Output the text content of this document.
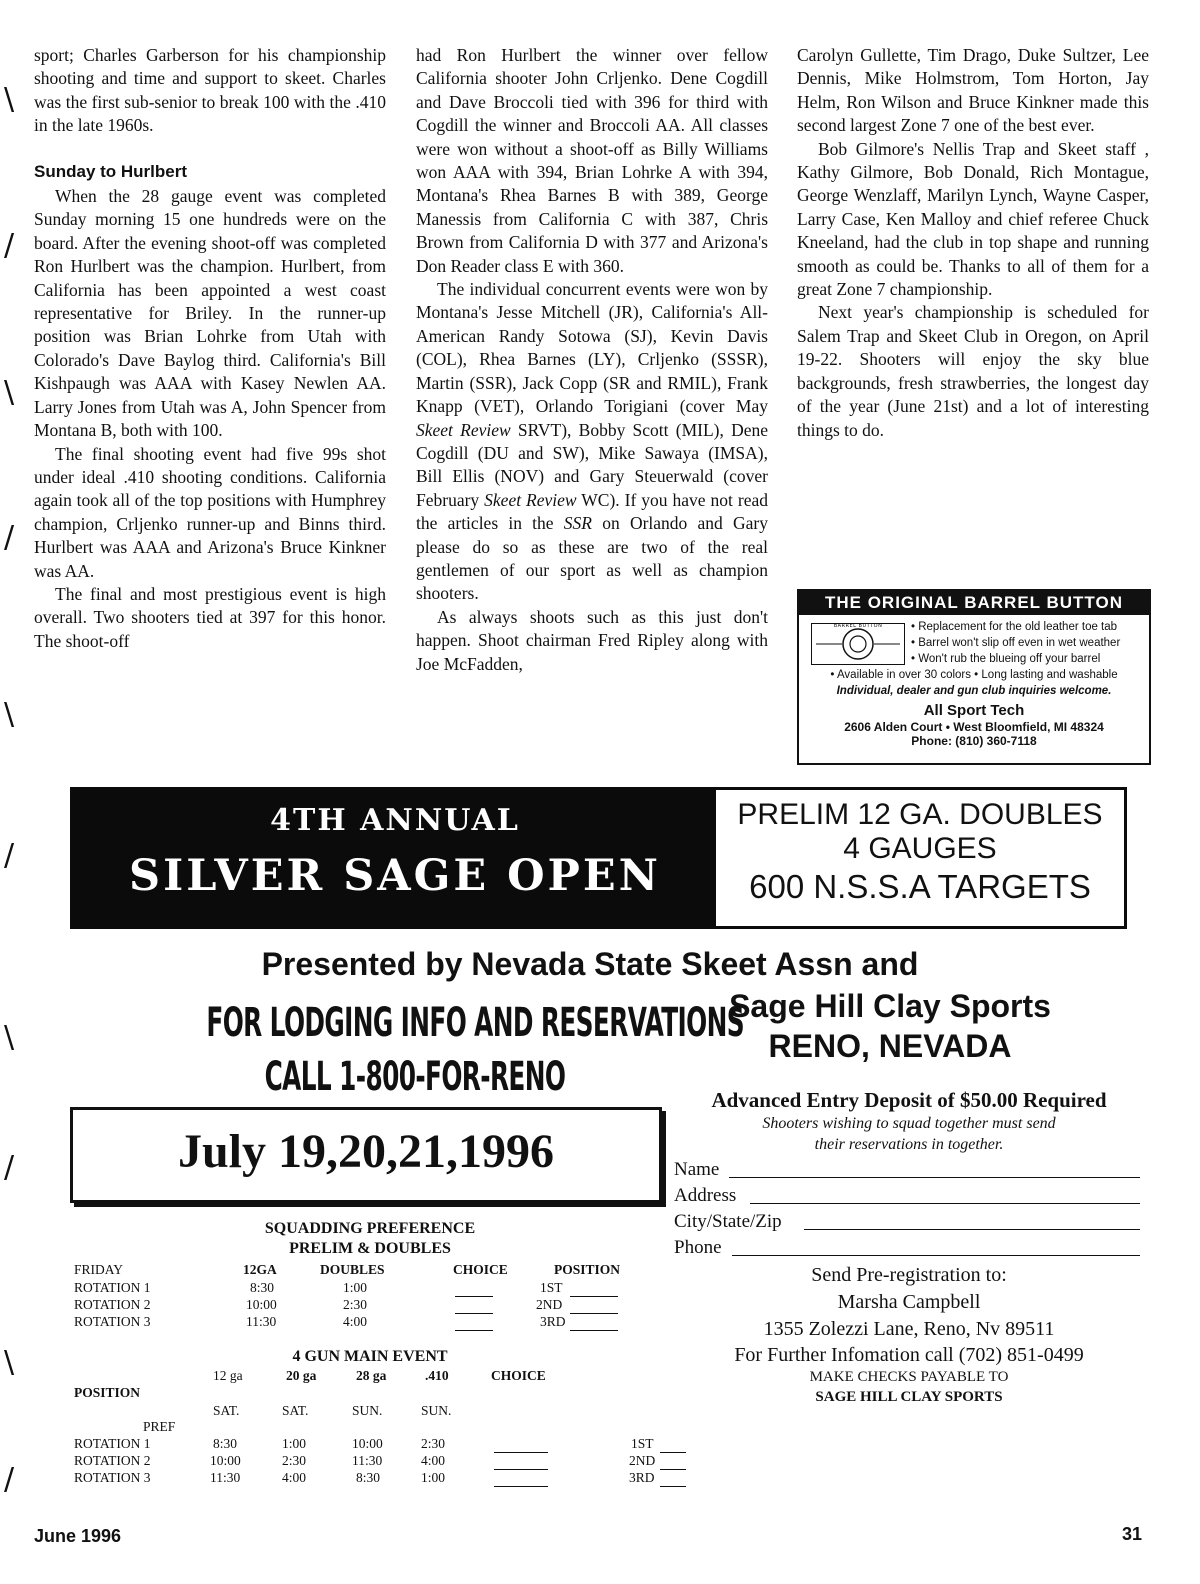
\
/
\
/
\
/
\
/
\
/

sport; Charles Garberson for his championship shooting and time and support to skeet. Charles was the first sub-senior to break 100 with the .410 in the late 1960s.

Sunday to Hurlbert

When the 28 gauge event was completed Sunday morning 15 one hundreds were on the board. After the evening shoot-off was completed Ron Hurlbert was the champion. Hurlbert, from California has been appointed a west coast representative for Briley. In the runner-up position was Brian Lohrke from Utah with Colorado's Dave Baylog third. California's Bill Kishpaugh was AAA with Kasey Newlen AA. Larry Jones from Utah was A, John Spencer from Montana B, both with 100.

The final shooting event had five 99s shot under ideal .410 shooting conditions. California again took all of the top positions with Humphrey champion, Crljenko runner-up and Binns third. Hurlbert was AAA and Arizona's Bruce Kinkner was AA.

The final and most prestigious event is high overall. Two shooters tied at 397 for this honor. The shoot-off

had Ron Hurlbert the winner over fellow California shooter John Crljenko. Dene Cogdill and Dave Broccoli tied with 396 for third with Cogdill the winner and Broccoli AA. All classes were won without a shoot-off as Billy Williams won AAA with 394, Brian Lohrke A with 394, Montana's Rhea Barnes B with 389, George Manessis from California C with 387, Chris Brown from California D with 377 and Arizona's Don Reader class E with 360.

The individual concurrent events were won by Montana's Jesse Mitchell (JR), California's All-American Randy Sotowa (SJ), Kevin Davis (COL), Rhea Barnes (LY), Crljenko (SSSR), Martin (SSR), Jack Copp (SR and RMIL), Frank Knapp (VET), Orlando Torigiani (cover May Skeet Review SRVT), Bobby Scott (MIL), Dene Cogdill (DU and SW), Mike Sawaya (IMSA), Bill Ellis (NOV) and Gary Steuerwald (cover February Skeet Review WC). If you have not read the articles in the SSR on Orlando and Gary please do so as these are two of the real gentlemen of our sport as well as champion shooters.

As always shoots such as this just don't happen. Shoot chairman Fred Ripley along with Joe McFadden,

Carolyn Gullette, Tim Drago, Duke Sultzer, Lee Dennis, Mike Holmstrom, Tom Horton, Jay Helm, Ron Wilson and Bruce Kinkner made this second largest Zone 7 one of the best ever.

Bob Gilmore's Nellis Trap and Skeet staff , Kathy Gilmore, Bob Donald, Rich Montague, George Wenzlaff, Marilyn Lynch, Wayne Casper, Larry Case, Ken Malloy and chief referee Chuck Kneeland, had the club in top shape and running smooth as could be. Thanks to all of them for a great Zone 7 championship.

Next year's championship is scheduled for Salem Trap and Skeet Club in Oregon, on April 19-22. Shooters will enjoy the sky blue backgrounds, fresh strawberries, the longest day of the year (June 21st) and a lot of interesting things to do.

THE ORIGINAL BARREL BUTTON
BARREL BUTTON	• Replacement for the old leather toe tab
• Barrel won't slip off even in wet weather
• Won't rub the blueing off your barrel
• Available in over 30 colors • Long lasting and washable
Individual, dealer and gun club inquiries welcome.
All Sport Tech
2606 Alden Court • West Bloomfield, MI 48324
Phone: (810) 360-7118
4TH ANNUAL
SILVER SAGE OPEN
PRELIM 12 GA. DOUBLES
4 GAUGES
600 N.S.S.A TARGETS
Presented by Nevada State Skeet Assn and
Sage Hill Clay Sports
RENO, NEVADA
FOR LODGING INFO AND RESERVATIONS
CALL 1-800-FOR-RENO
July 19,20,21,1996
Advanced Entry Deposit of $50.00 Required
Shooters wishing to squad together must send
their reservations in together.
Name
Address
City/State/Zip
Phone
Send Pre-registration to:
Marsha Campbell
1355 Zolezzi Lane, Reno, Nv 89511
For Further Infomation call (702) 851-0499
MAKE CHECKS PAYABLE TO
SAGE HILL CLAY SPORTS
SQUADDING PREFERENCE
PRELIM & DOUBLES
FRIDAY	12GA	DOUBLES	CHOICE	POSITION
ROTATION 1	8:30	1:00	1ST
ROTATION 2	10:00	2:30	2ND
ROTATION 3	11:30	4:00	3RD
4 GUN MAIN EVENT
12 ga	20 ga	28 ga	.410	CHOICE
POSITION
SAT.	SAT.	SUN.	SUN.
PREF
ROTATION 1	8:30	1:00	10:00	2:30	1ST
ROTATION 2	10:00	2:30	11:30	4:00	2ND
ROTATION 3	11:30	4:00	8:30	1:00	3RD
June 1996	31
